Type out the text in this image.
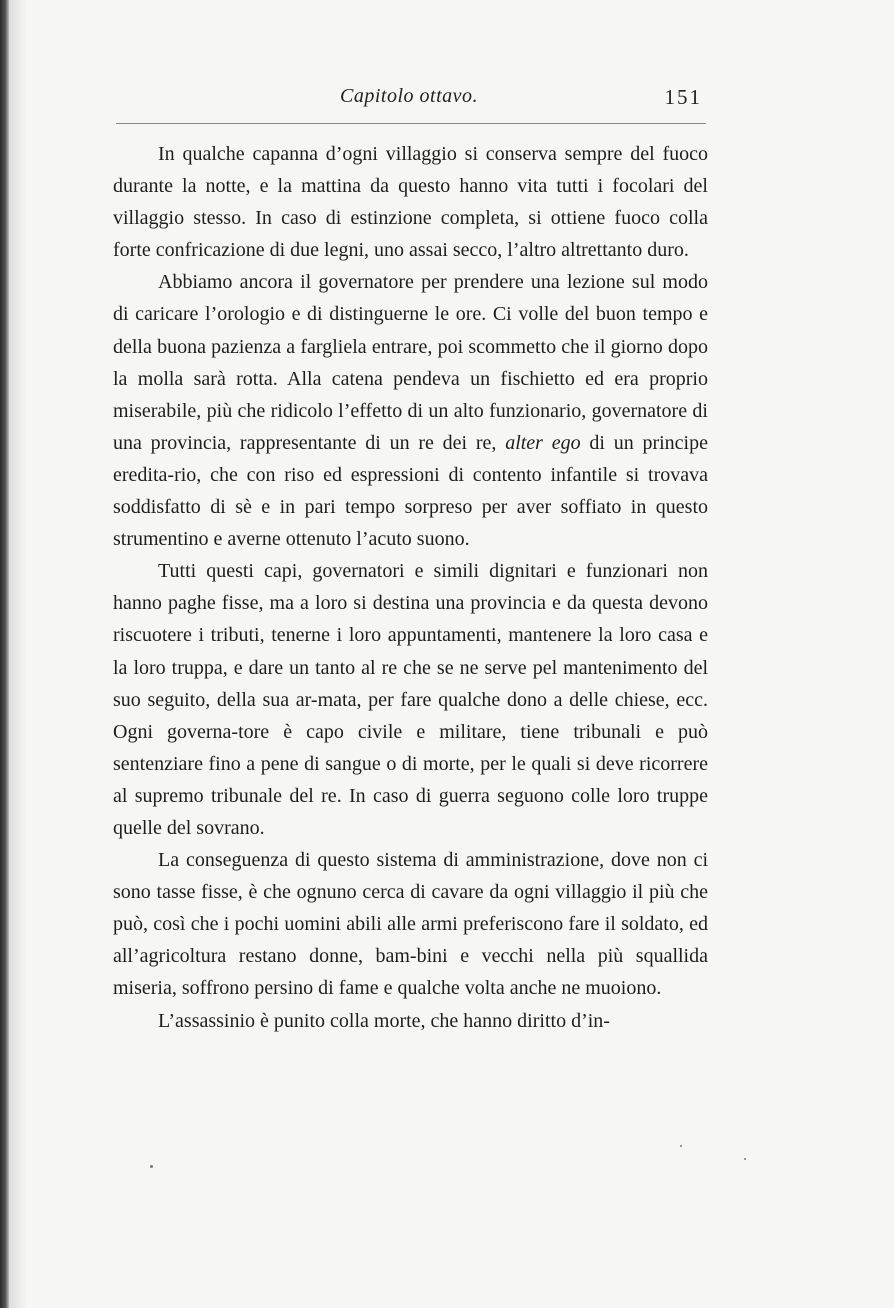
Capitolo ottavo.	151

In qualche capanna d’ogni villaggio si conserva sempre del fuoco durante la notte, e la mattina da questo hanno vita tutti i focolari del villaggio stesso. In caso di estinzione completa, si ottiene fuoco colla forte confricazione di due legni, uno assai secco, l’altro altrettanto duro.

Abbiamo ancora il governatore per prendere una lezione sul modo di caricare l’orologio e di distinguerne le ore. Ci volle del buon tempo e della buona pazienza a fargliela entrare, poi scommetto che il giorno dopo la molla sarà rotta. Alla catena pendeva un fischietto ed era proprio miserabile, più che ridicolo l’effetto di un alto funzionario, governatore di una provincia, rappresentante di un re dei re, alter ego di un principe eredita-rio, che con riso ed espressioni di contento infantile si trovava soddisfatto di sè e in pari tempo sorpreso per aver soffiato in questo strumentino e averne ottenuto l’acuto suono.

Tutti questi capi, governatori e simili dignitari e funzionari non hanno paghe fisse, ma a loro si destina una provincia e da questa devono riscuotere i tributi, tenerne i loro appuntamenti, mantenere la loro casa e la loro truppa, e dare un tanto al re che se ne serve pel mantenimento del suo seguito, della sua ar-mata, per fare qualche dono a delle chiese, ecc. Ogni governa-tore è capo civile e militare, tiene tribunali e può sentenziare fino a pene di sangue o di morte, per le quali si deve ricorrere al supremo tribunale del re. In caso di guerra seguono colle loro truppe quelle del sovrano.

La conseguenza di questo sistema di amministrazione, dove non ci sono tasse fisse, è che ognuno cerca di cavare da ogni villaggio il più che può, così che i pochi uomini abili alle armi preferiscono fare il soldato, ed all’agricoltura restano donne, bam-bini e vecchi nella più squallida miseria, soffrono persino di fame e qualche volta anche ne muoiono.

L’assassinio è punito colla morte, che hanno diritto d’in-
